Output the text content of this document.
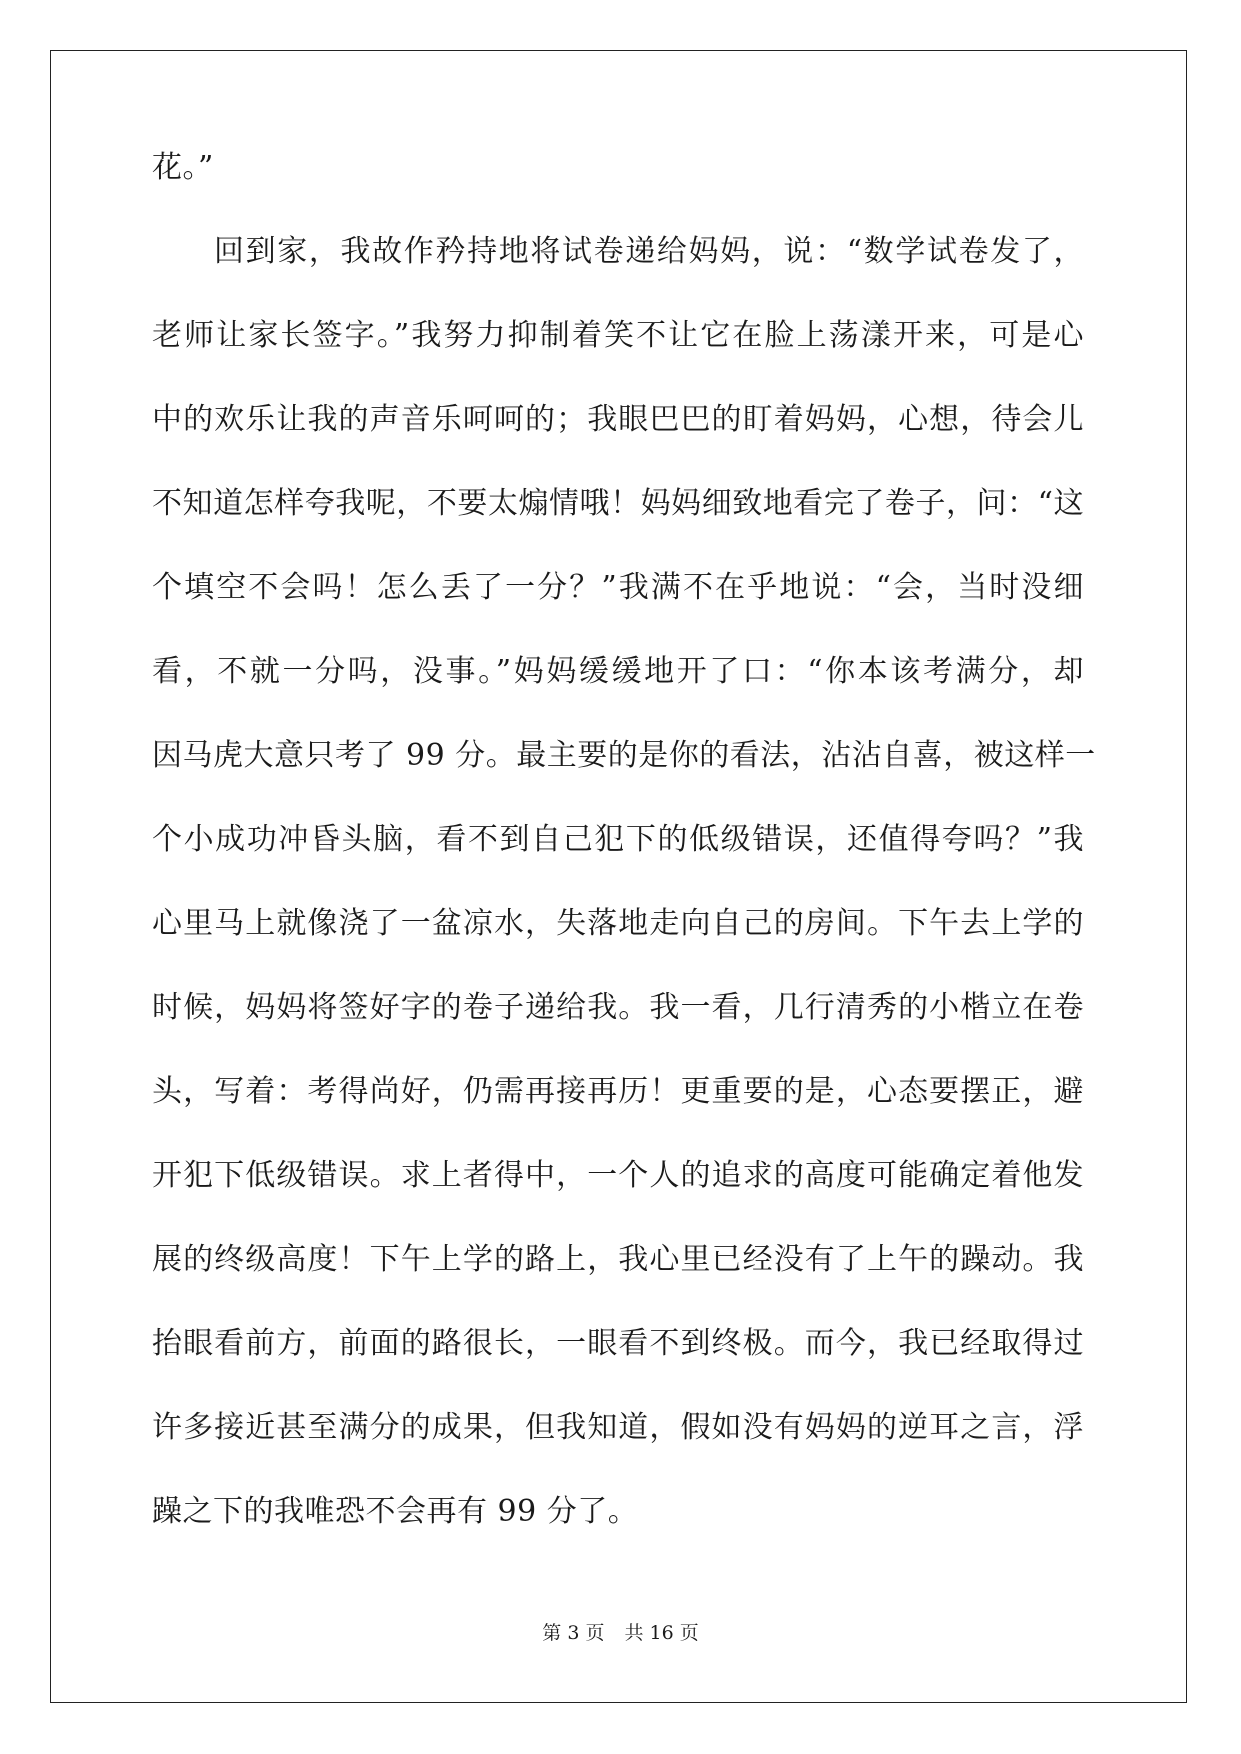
花。”
回到家，我故作矜持地将试卷递给妈妈，说：“数学试卷发了，
老师让家长签字。”我努力抑制着笑不让它在脸上荡漾开来，可是心
中的欢乐让我的声音乐呵呵的；我眼巴巴的盯着妈妈，心想，待会儿
不知道怎样夸我呢，不要太煽情哦！妈妈细致地看完了卷子，问：“这
个填空不会吗！怎么丢了一分？”我满不在乎地说：“会，当时没细
看，不就一分吗，没事。”妈妈缓缓地开了口：“你本该考满分，却
因马虎大意只考了 99 分。最主要的是你的看法，沾沾自喜，被这样一
个小成功冲昏头脑，看不到自己犯下的低级错误，还值得夸吗？”我
心里马上就像浇了一盆凉水，失落地走向自己的房间。下午去上学的
时候，妈妈将签好字的卷子递给我。我一看，几行清秀的小楷立在卷
头，写着：考得尚好，仍需再接再历！更重要的是，心态要摆正，避
开犯下低级错误。求上者得中，一个人的追求的高度可能确定着他发
展的终级高度！下午上学的路上，我心里已经没有了上午的躁动。我
抬眼看前方，前面的路很长，一眼看不到终极。而今，我已经取得过
许多接近甚至满分的成果，但我知道，假如没有妈妈的逆耳之言，浮
躁之下的我唯恐不会再有 99 分了。
第 3 页 共 16 页
